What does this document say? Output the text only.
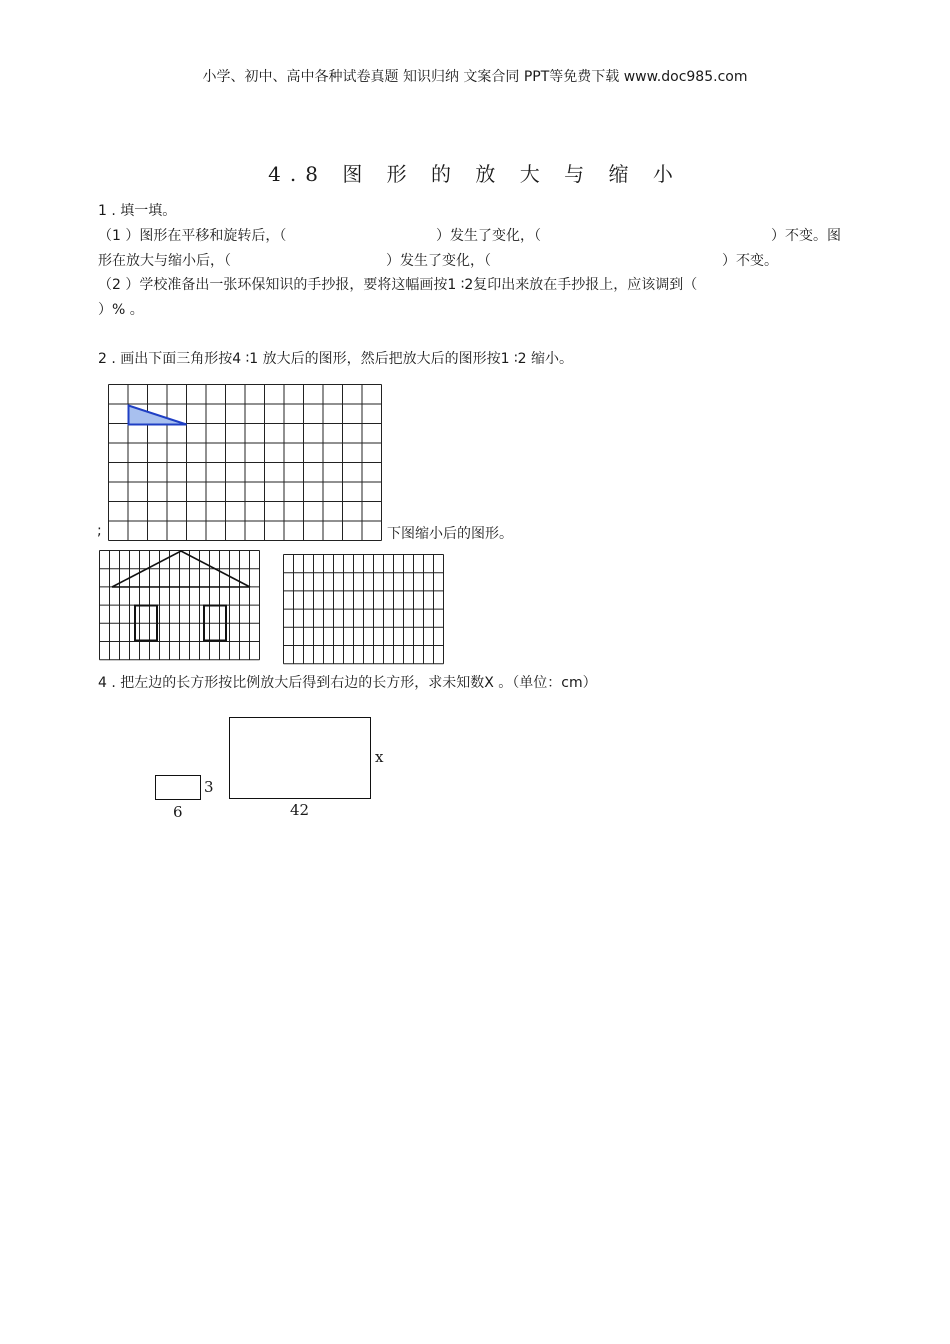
小学、初中、高中各种试卷真题 知识归纳 文案合同 PPT等免费下载 www.doc985.com
4.8 图 形 的 放 大 与 缩 小
1 . 填一填。
（1 ）图形在平移和旋转后，（	）发生了变化，（	）不变。图
形在放大与缩小后，（	）发生了变化，（	）不变。
（2 ）学校准备出一张环保知识的手抄报，要将这幅画按1 ∶2复印出来放在手抄报上，应该调到（
）% 。
2 . 画出下面三角形按4 ∶1 放大后的图形，然后把放大后的图形按1 ∶2 缩小。
;	下图缩小后的图形。
4 . 把左边的长方形按比例放大后得到右边的长方形，求未知数X 。（单位：cm）
3
6
x
42
